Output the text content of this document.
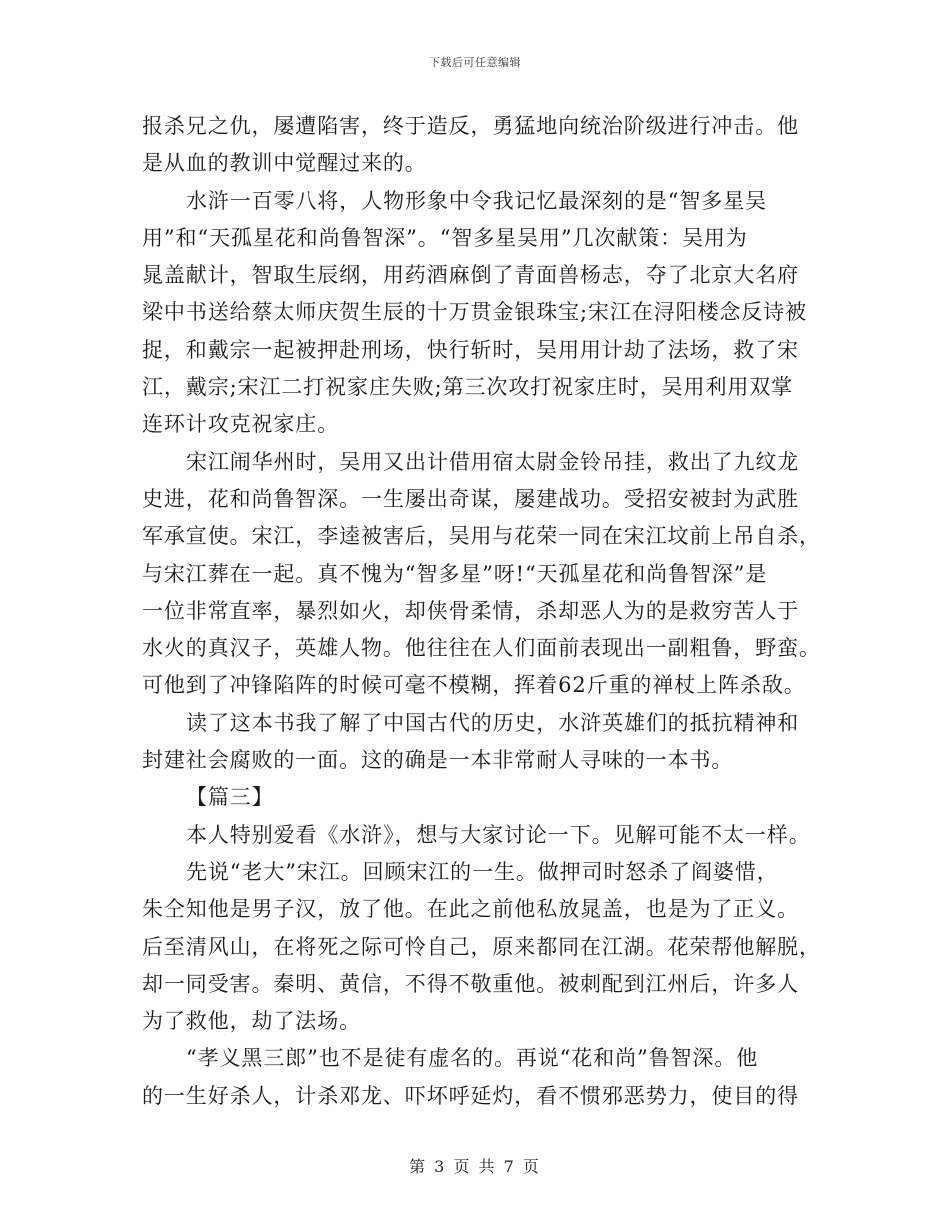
下载后可任意编辑
报杀兄之仇，屡遭陷害，终于造反，勇猛地向统治阶级进行冲击。他
是从血的教训中觉醒过来的。
水浒一百零八将，人物形象中令我记忆最深刻的是“智多星吴
用”和“天孤星花和尚鲁智深”。“智多星吴用”几次献策：吴用为
晁盖献计，智取生辰纲，用药酒麻倒了青面兽杨志，夺了北京大名府
梁中书送给蔡太师庆贺生辰的十万贯金银珠宝;宋江在浔阳楼念反诗被
捉，和戴宗一起被押赴刑场，快行斩时，吴用用计劫了法场，救了宋
江，戴宗;宋江二打祝家庄失败;第三次攻打祝家庄时，吴用利用双掌
连环计攻克祝家庄。
宋江闹华州时，吴用又出计借用宿太尉金铃吊挂，救出了九纹龙
史进，花和尚鲁智深。一生屡出奇谋，屡建战功。受招安被封为武胜
军承宣使。宋江，李逵被害后，吴用与花荣一同在宋江坟前上吊自杀，
与宋江葬在一起。真不愧为“智多星”呀!“天孤星花和尚鲁智深”是
一位非常直率，暴烈如火，却侠骨柔情，杀却恶人为的是救穷苦人于
水火的真汉子，英雄人物。他往往在人们面前表现出一副粗鲁，野蛮。
可他到了冲锋陷阵的时候可毫不模糊，挥着62斤重的禅杖上阵杀敌。
读了这本书我了解了中国古代的历史，水浒英雄们的抵抗精神和
封建社会腐败的一面。这的确是一本非常耐人寻味的一本书。
【篇三】
本人特别爱看《水浒》，想与大家讨论一下。见解可能不太一样。
先说“老大”宋江。回顾宋江的一生。做押司时怒杀了阎婆惜，
朱仝知他是男子汉，放了他。在此之前他私放晁盖，也是为了正义。
后至清风山，在将死之际可怜自己，原来都同在江湖。花荣帮他解脱，
却一同受害。秦明、黄信，不得不敬重他。被刺配到江州后，许多人
为了救他，劫了法场。
“孝义黑三郎”也不是徒有虚名的。再说“花和尚”鲁智深。他
的一生好杀人，计杀邓龙、吓坏呼延灼，看不惯邪恶势力，使目的得
第 3 页 共 7 页
